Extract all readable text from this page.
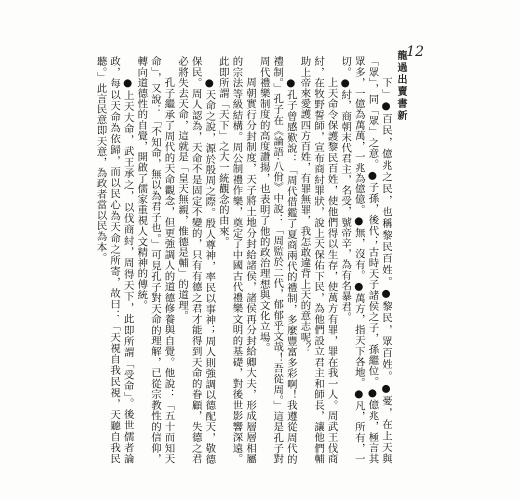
12
龍過出賣書新

下」●百民，億兆之民，也稱黎民百姓。●黎民，眾百姓。●憂，在上天與「眾」，同「眾」之意。●子孫，後代；古時天子諸侯之子，孫繼位。●億兆，極言其眾多，一億為萬萬，一兆為億億。●無，沒有。●萬方，指天下各地。●凡，所有，一切。●紂，商朝末代君主，名受，號帝辛，為有名暴君。

上天命令保護黎民百姓，使他們得以生存，使萬方有罪，罪在我一人。周武王伐商紂，在牧野誓師，宣布商紂罪狀，說上天保佑下民，為他們設立君主和師長，讓他們輔助上帝來愛護四方百姓，有罪無罪，我怎敢違背上天的意志呢？

●孔子曾感歎說：「周代借鑑了夏商兩代的禮制，多麼豐富多彩啊！我遵從周代的禮制。」孔子在《論語‧八佾》中說：「周監於二代，郁郁乎文哉！吾從周。」這是孔子對周代禮樂制度的高度讚揚，也表明了他的政治理想與文化立場。

周朝實行分封制度，天子將土地分封給諸侯，諸侯再分封給卿大夫，形成層層相屬的宗法等級結構。周公制禮作樂，奠定了中國古代禮樂文明的基礎，對後世影響深遠。此即所謂「天下」之大一統觀念的由來。

●天命之說，源於殷周之際。殷人尊神，率民以事神；周人則強調以德配天，敬德保民。周人認為，天命不是固定不變的，只有有德之君才能得到天命的眷顧，失德之君必將失去天命，這就是「皇天無親，惟德是輔」的道理。

孔子繼承了周代的天命觀念，但更強調人的道德修養與自覺。他說：「五十而知天命」，又說：「不知命，無以為君子也。」可見孔子對天命的理解，已從宗教性的信仰，轉向道德性的自覺，開啟了儒家重視人文精神的傳統。

●上天大命，武王承之，以伐商紂，周得天下，此即所謂「受命」。後世儒者論政，每以天命為依歸，而以民心為天命之所寄，故曰：「天視自我民視，天聽自我民聽。」此言民意即天意，為政者當以民為本。
